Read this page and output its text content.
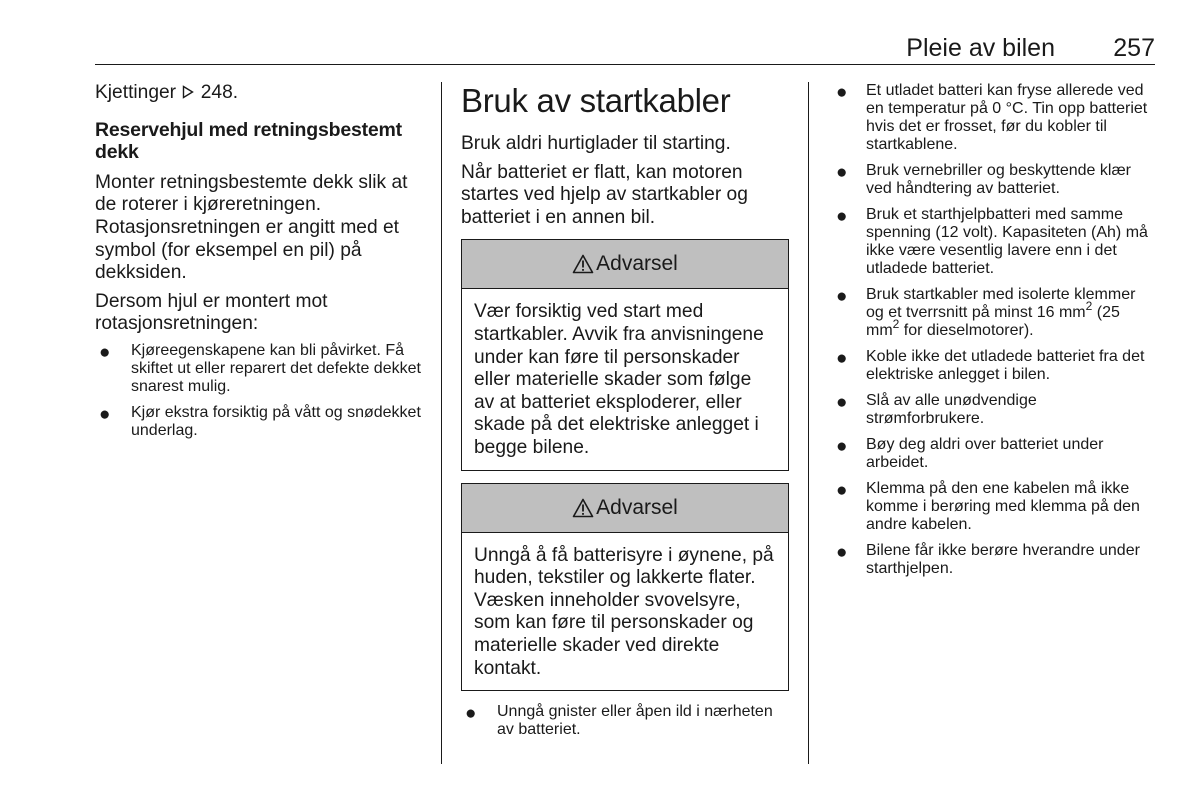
Pleie av bilen 257

Kjettinger 248.

Reservehjul med retningsbestemt dekk

Monter retningsbestemte dekk slik at de roterer i kjøreretningen. Rotasjonsretningen er angitt med et symbol (for eksempel en pil) på dekksiden.

Dersom hjul er montert mot rotasjonsretningen:

● Kjøreegenskapene kan bli påvirket. Få skiftet ut eller reparert det defekte dekket snarest mulig.
● Kjør ekstra forsiktig på vått og snødekket underlag.
Bruk av startkabler

Bruk aldri hurtiglader til starting.

Når batteriet er flatt, kan motoren startes ved hjelp av startkabler og batteriet i en annen bil.

Advarsel

Vær forsiktig ved start med startkabler. Avvik fra anvisningene under kan føre til personskader eller materielle skader som følge av at batteriet eksploderer, eller skade på det elektriske anlegget i begge bilene.

Advarsel

Unngå å få batterisyre i øynene, på huden, tekstiler og lakkerte flater. Væsken inneholder svovelsyre, som kan føre til personskader og materielle skader ved direkte kontakt.

● Unngå gnister eller åpen ild i nærheten av batteriet.
● Et utladet batteri kan fryse allerede ved en temperatur på 0 °C. Tin opp batteriet hvis det er frosset, før du kobler til startkablene.
● Bruk vernebriller og beskyttende klær ved håndtering av batteriet.
● Bruk et starthjelpbatteri med samme spenning (12 volt). Kapasiteten (Ah) må ikke være vesentlig lavere enn i det utladede batteriet.
● Bruk startkabler med isolerte klemmer og et tverrsnitt på minst 16 $mm^2$ (25 $mm^2$ for dieselmotorer).
● Koble ikke det utladede batteriet fra det elektriske anlegget i bilen.
● Slå av alle unødvendige strømforbrukere.
● Bøy deg aldri over batteriet under arbeidet.
● Klemma på den ene kabelen må ikke komme i berøring med klemma på den andre kabelen.
● Bilene får ikke berøre hverandre under starthjelpen.
